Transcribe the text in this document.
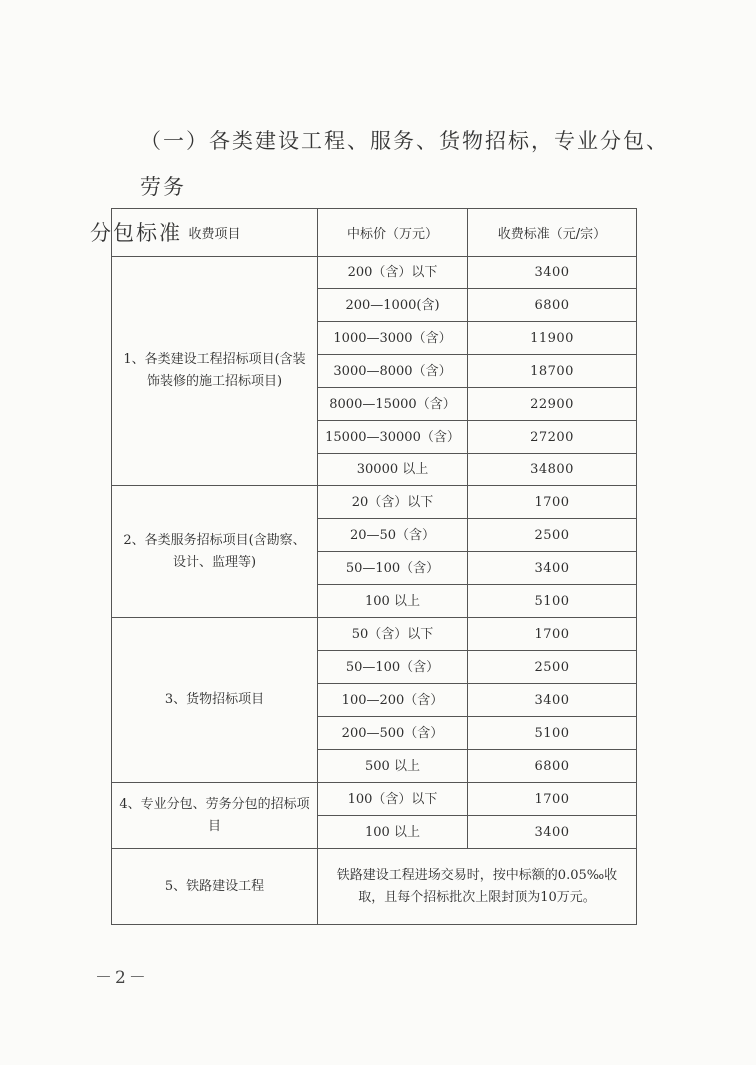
（一）各类建设工程、服务、货物招标，专业分包、劳务
分包标准 收费项目	中标价（万元）	收费标准（元/宗）
1、各类建设工程招标项目(含装饰装修的施工招标项目)	200（含）以下	3400
	200—1000(含)	6800
	1000—3000（含）	11900
	3000—8000（含）	18700
	8000—15000（含）	22900
	15000—30000（含）	27200
	30000 以上	34800
2、各类服务招标项目(含勘察、设计、监理等)	20（含）以下	1700
	20—50（含）	2500
	50—100（含）	3400
	100 以上	5100
3、货物招标项目	50（含）以下	1700
	50—100（含）	2500
	100—200（含）	3400
	200—500（含）	5100
	500 以上	6800
4、专业分包、劳务分包的招标项目	100（含）以下	1700
	100 以上	3400
5、铁路建设工程	铁路建设工程进场交易时，按中标额的0.05‰收取，且每个招标批次上限封顶为10万元。	
－2－
